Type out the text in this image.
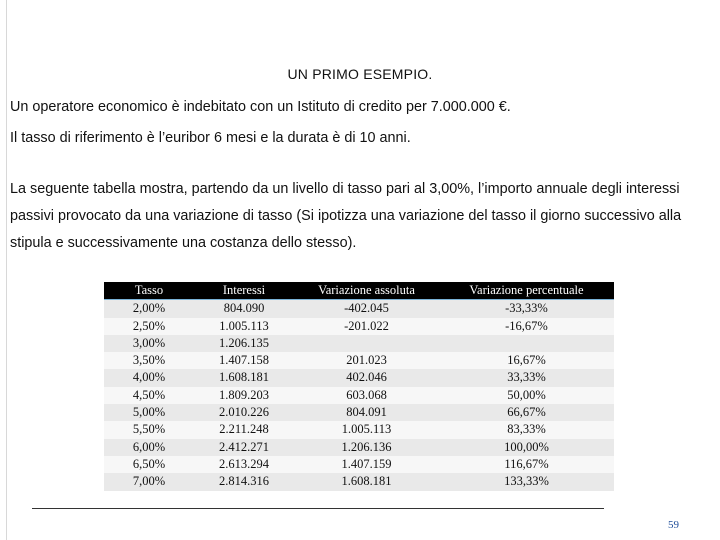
UN PRIMO ESEMPIO.
Un operatore economico è indebitato con un Istituto di credito per 7.000.000 €.
Il tasso di riferimento è l’euribor 6 mesi e la durata è di 10 anni.
La seguente tabella mostra, partendo da un livello di tasso pari al 3,00%, l’importo annuale degli interessi passivi provocato da una variazione di tasso (Si ipotizza una variazione del tasso il giorno successivo alla stipula e successivamente una costanza dello stesso).
Tasso	Interessi	Variazione assoluta	Variazione percentuale
2,00%	804.090	-402.045	-33,33%
2,50%	1.005.113	-201.022	-16,67%
3,00%	1.206.135
3,50%	1.407.158	201.023	16,67%
4,00%	1.608.181	402.046	33,33%
4,50%	1.809.203	603.068	50,00%
5,00%	2.010.226	804.091	66,67%
5,50%	2.211.248	1.005.113	83,33%
6,00%	2.412.271	1.206.136	100,00%
6,50%	2.613.294	1.407.159	116,67%
7,00%	2.814.316	1.608.181	133,33%
59
